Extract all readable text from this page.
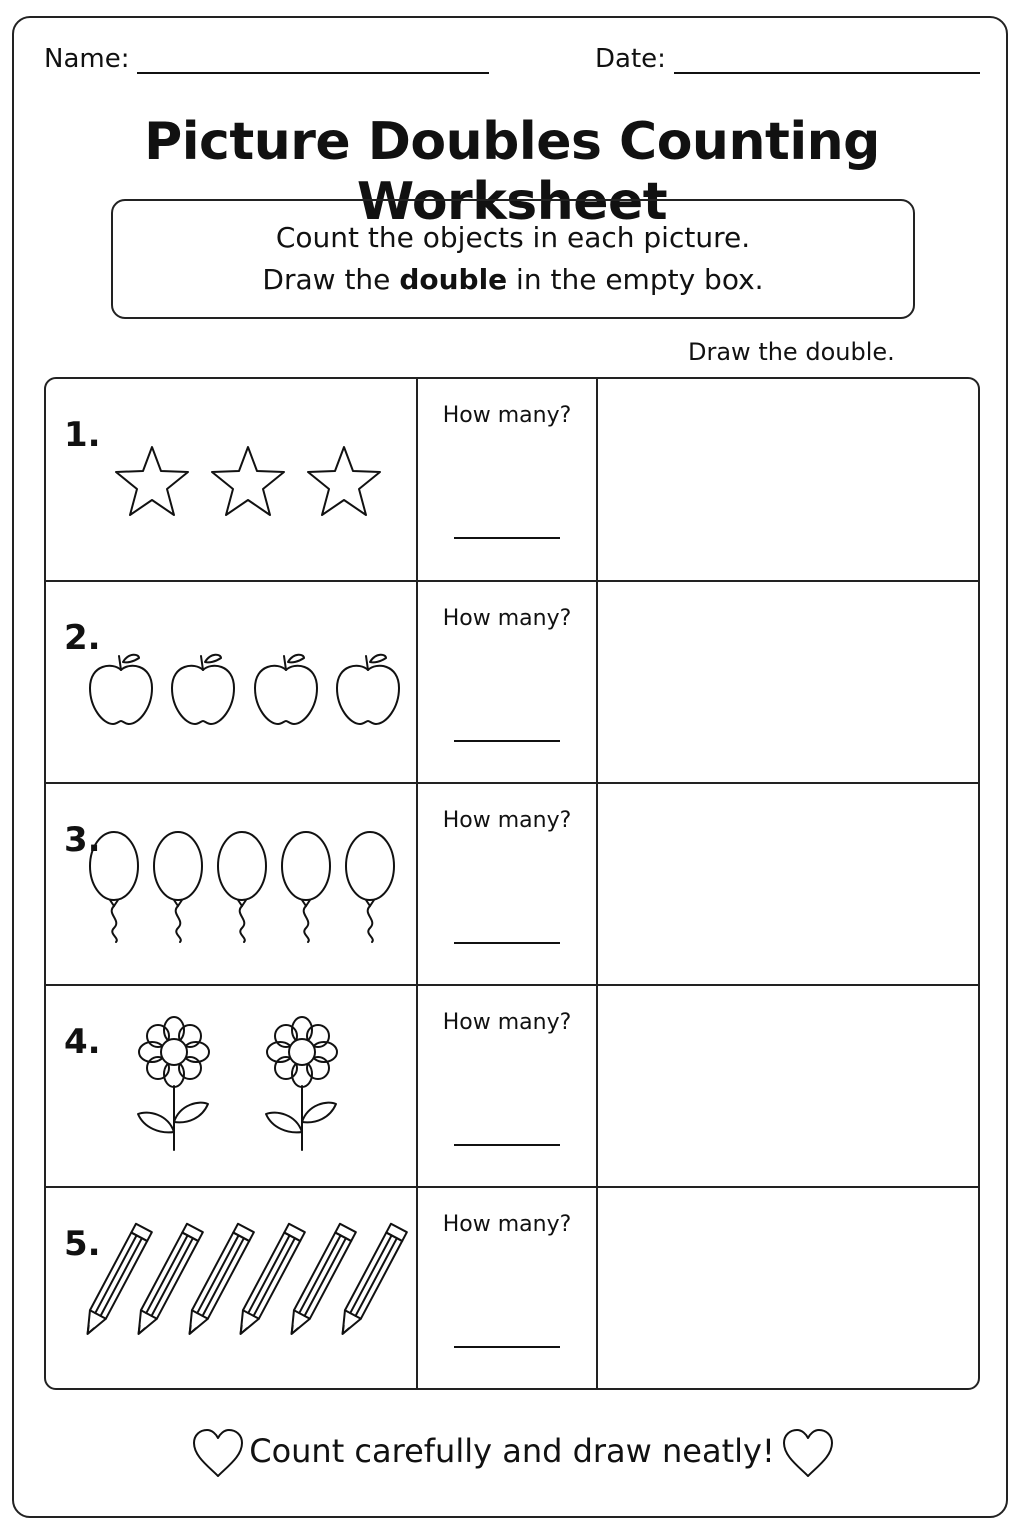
Name:	Date:
Picture Doubles Counting Worksheet
Count the objects in each picture.
Draw the double in the empty box.
Draw the double.
1.	How many?
2.	How many?
3.	How many?
4.	How many?
5.	How many?
Count carefully and draw neatly!
